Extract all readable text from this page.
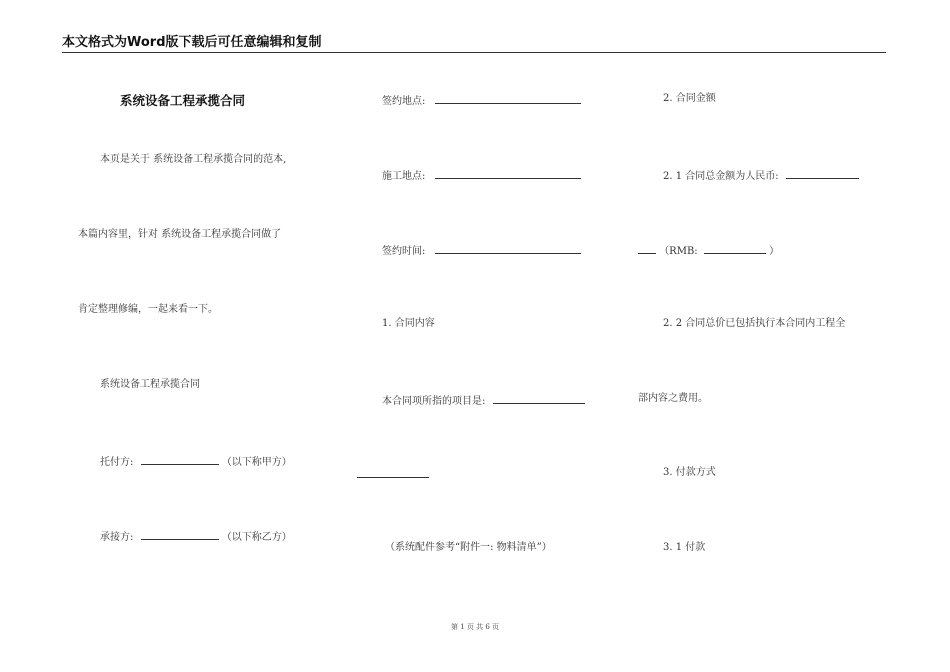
本文格式为Word版下载后可任意编辑和复制
系统设备工程承揽合同
本页是关于 系统设备工程承揽合同的范本,
本篇内容里，针对 系统设备工程承揽合同做了
肯定整理修编，一起来看一下。
系统设备工程承揽合同
托付方:	（以下称甲方）
承接方:	（以下称乙方）
签约地点:
施工地点:
签约时间:
1. 合同内容
本合同项所指的项目是:
（系统配件参考“附件一: 物料清单”）
2. 合同金额
2. 1 合同总金额为人民币:
（RMB:	）
2. 2 合同总价已包括执行本合同内工程全
部内容之费用。
3. 付款方式
3. 1 付款
第 1 页 共 6 页
